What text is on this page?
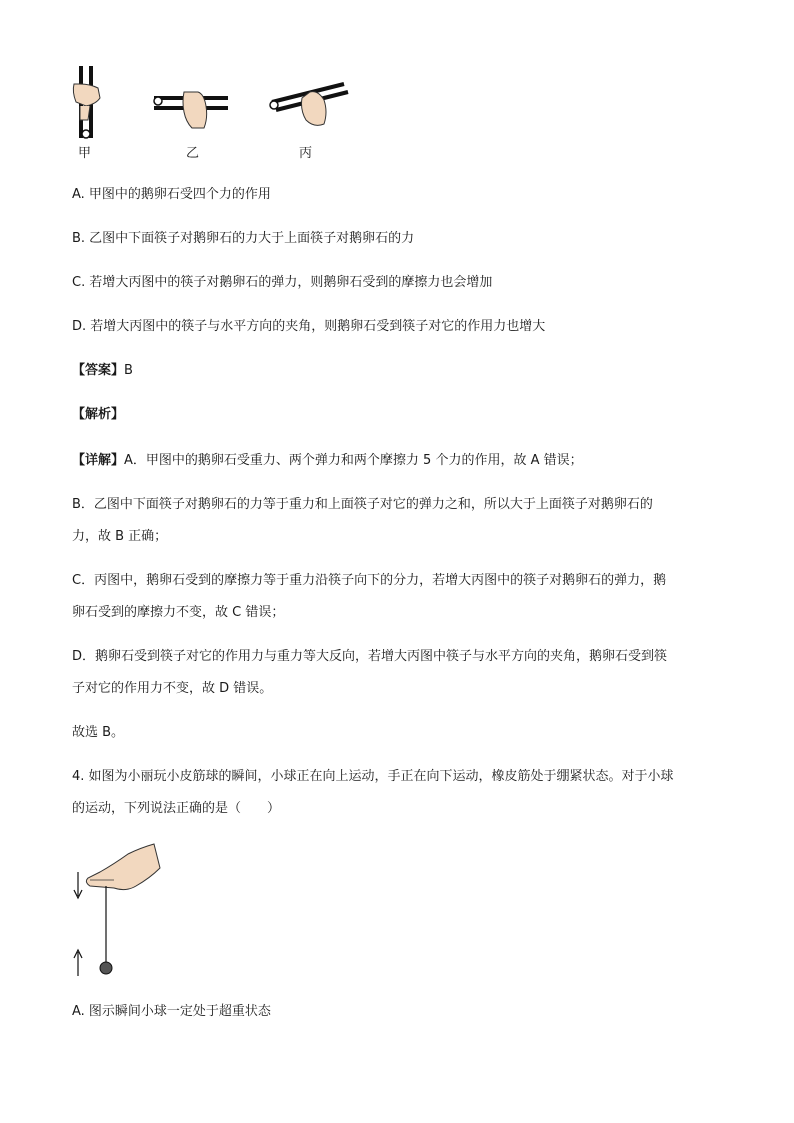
甲	乙	丙
A. 甲图中的鹅卵石受四个力的作用
B. 乙图中下面筷子对鹅卵石的力大于上面筷子对鹅卵石的力
C. 若增大丙图中的筷子对鹅卵石的弹力，则鹅卵石受到的摩擦力也会增加
D. 若增大丙图中的筷子与水平方向的夹角，则鹅卵石受到筷子对它的作用力也增大
【答案】B
【解析】
【详解】A．甲图中的鹅卵石受重力、两个弹力和两个摩擦力 5 个力的作用，故 A 错误；
B．乙图中下面筷子对鹅卵石的力等于重力和上面筷子对它的弹力之和，所以大于上面筷子对鹅卵石的
力，故 B 正确；
C．丙图中，鹅卵石受到的摩擦力等于重力沿筷子向下的分力，若增大丙图中的筷子对鹅卵石的弹力，鹅
卵石受到的摩擦力不变，故 C 错误；
D．鹅卵石受到筷子对它的作用力与重力等大反向，若增大丙图中筷子与水平方向的夹角，鹅卵石受到筷
子对它的作用力不变，故 D 错误。
故选 B。
4. 如图为小丽玩小皮筋球的瞬间，小球正在向上运动，手正在向下运动，橡皮筋处于绷紧状态。对于小球
的运动，下列说法正确的是（　　）
A. 图示瞬间小球一定处于超重状态
